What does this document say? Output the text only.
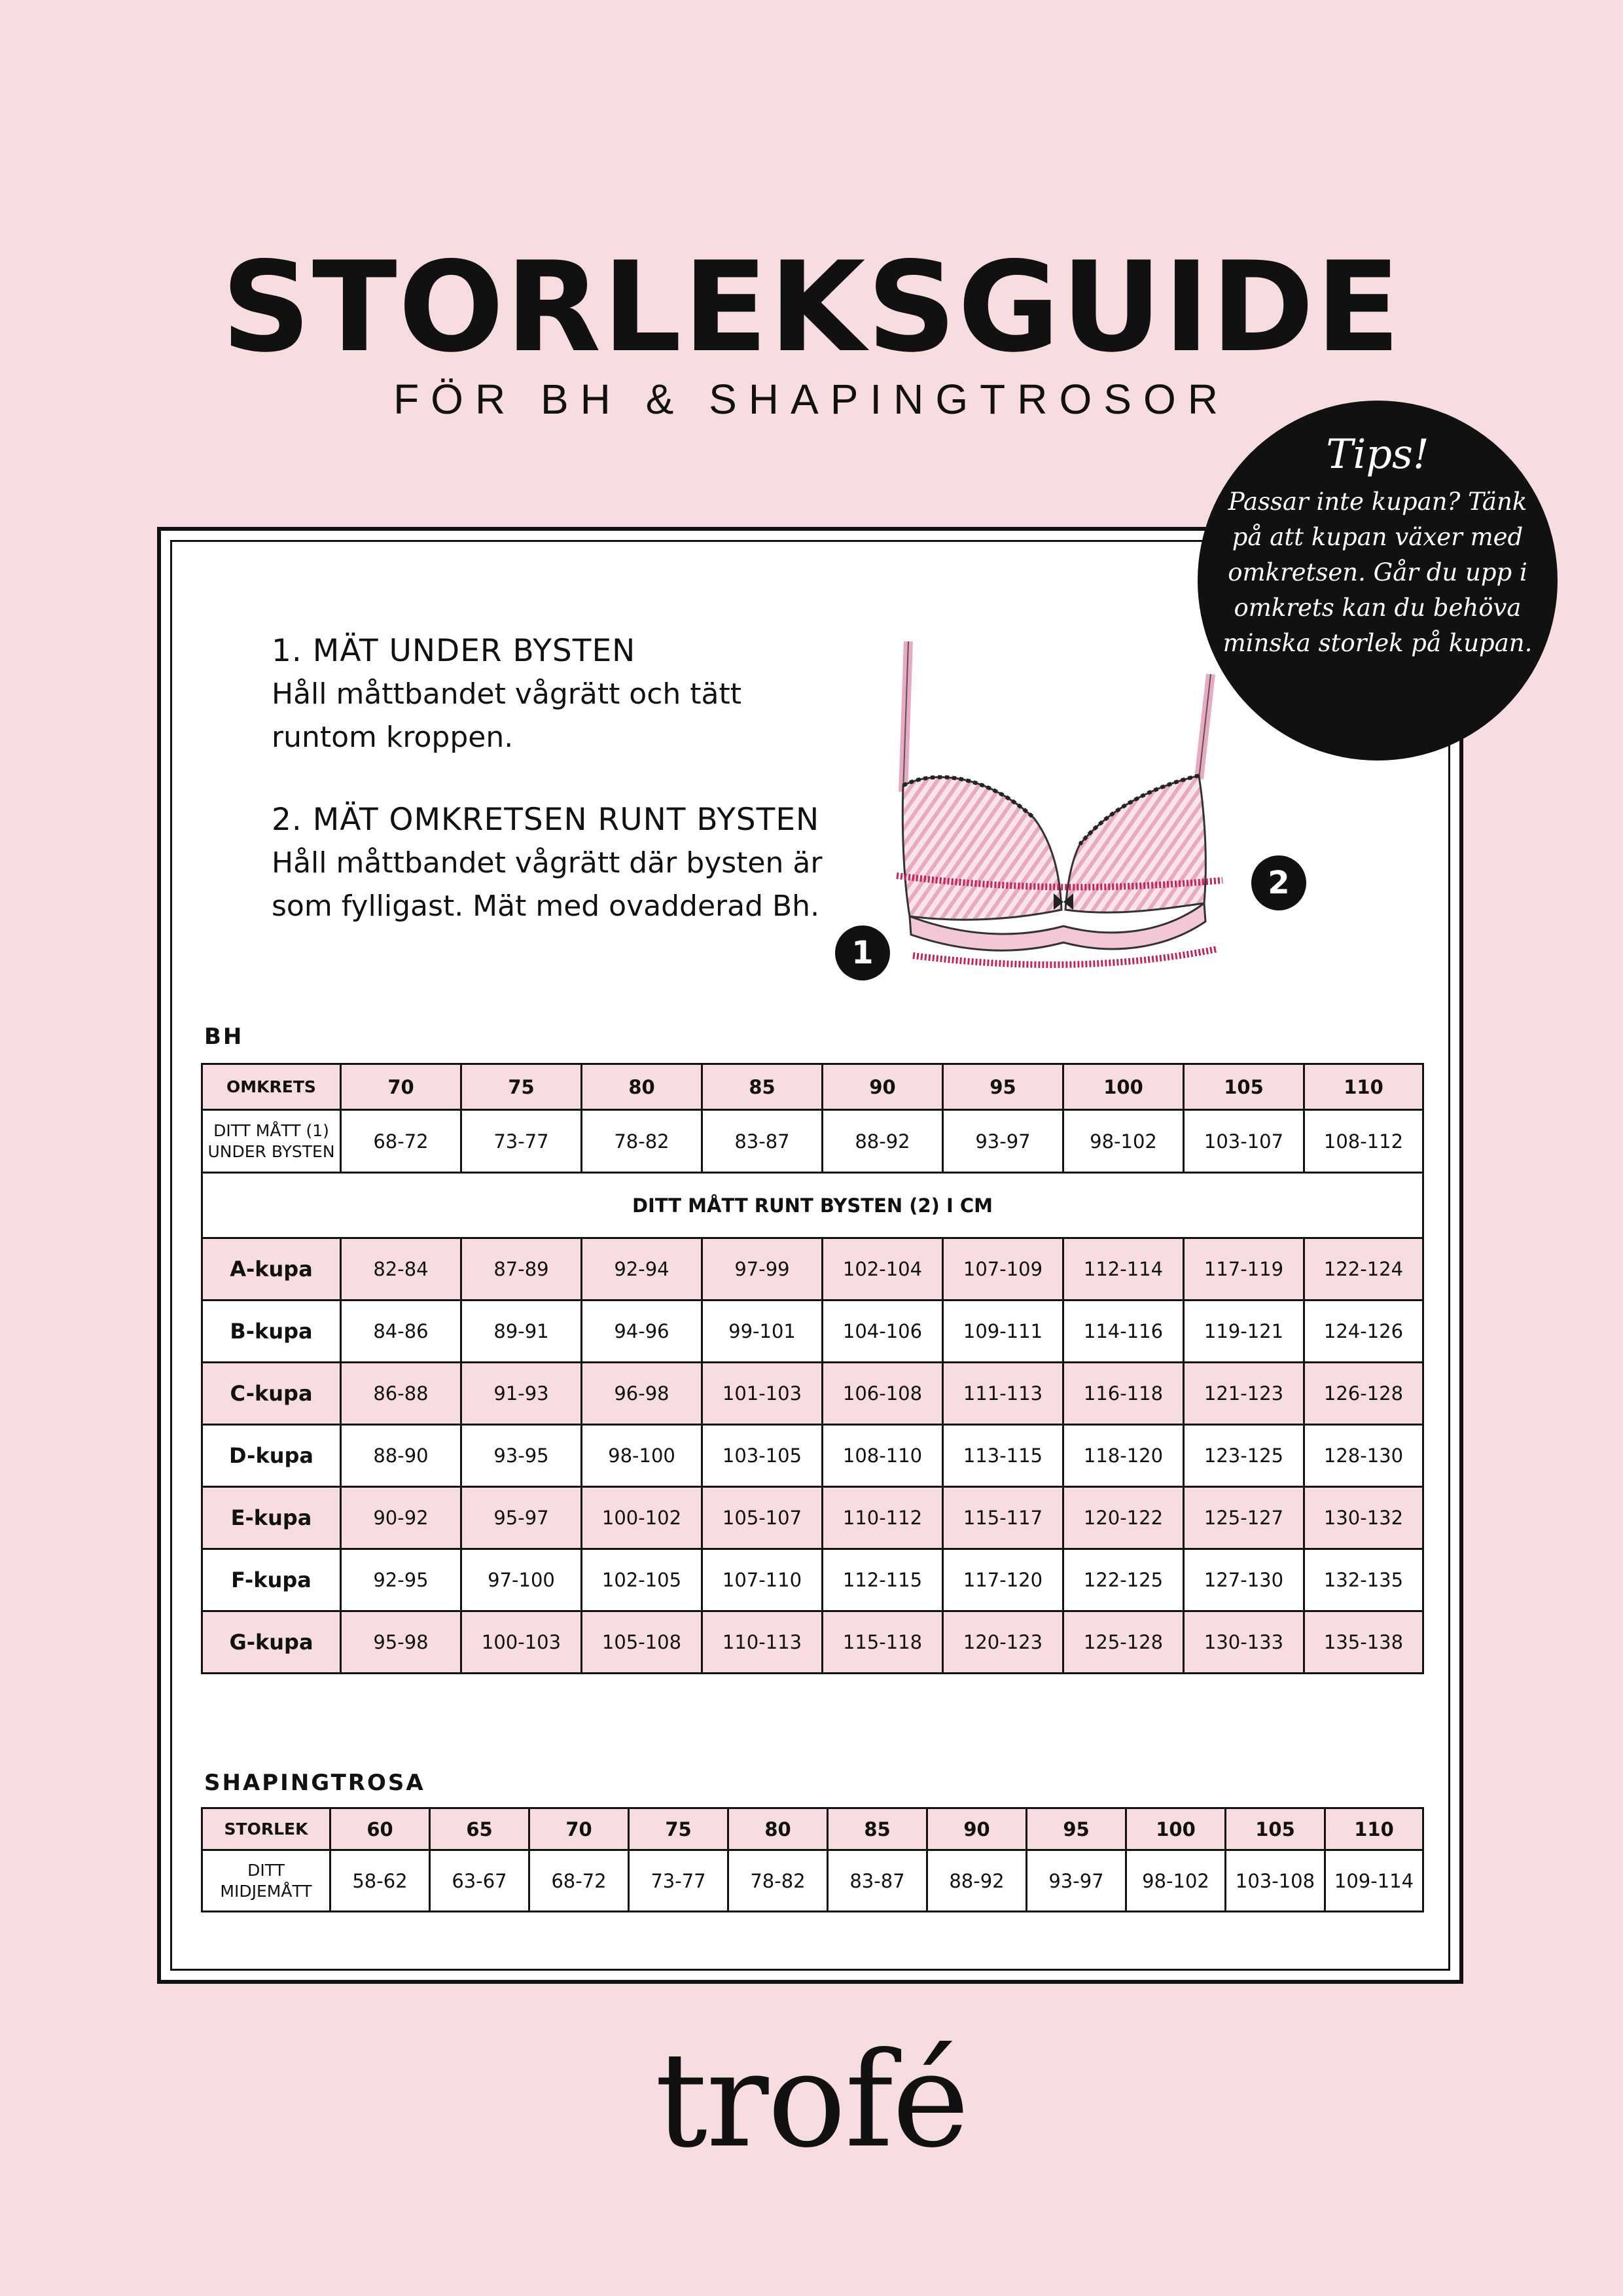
STORLEKSGUIDE
FÖR BH & SHAPINGTROSOR
1. MÄT UNDER BYSTEN
Håll måttbandet vågrätt och tätt runtom kroppen.
2. MÄT OMKRETSEN RUNT BYSTEN
Håll måttbandet vågrätt där bysten är som fylligast. Mät med ovadderad Bh.
1
2
Tips!
Passar inte kupan? Tänk på att kupan växer med omkretsen. Går du upp i omkrets kan du behöva minska storlek på kupan.
BH
OMKRETS	70	75	80	85	90	95	100	105	110

DITT MÅTT (1)
UNDER BYSTEN	68-72	73-77	78-82	83-87	88-92	93-97	98-102	103-107	108-112
DITT MÅTT RUNT BYSTEN (2) I CM									
A-kupa	82-84	87-89	92-94	97-99	102-104	107-109	112-114	117-119	122-124
B-kupa	84-86	89-91	94-96	99-101	104-106	109-111	114-116	119-121	124-126
C-kupa	86-88	91-93	96-98	101-103	106-108	111-113	116-118	121-123	126-128
D-kupa	88-90	93-95	98-100	103-105	108-110	113-115	118-120	123-125	128-130
E-kupa	90-92	95-97	100-102	105-107	110-112	115-117	120-122	125-127	130-132
F-kupa	92-95	97-100	102-105	107-110	112-115	117-120	122-125	127-130	132-135
G-kupa	95-98	100-103	105-108	110-113	115-118	120-123	125-128	130-133	135-138
SHAPINGTROSA
STORLEK	60	65	70	75	80	85	90	95	100	105	110

DITT
MIDJEMÅTT	58-62	63-67	68-72	73-77	78-82	83-87	88-92	93-97	98-102	103-108	109-114
trofé
